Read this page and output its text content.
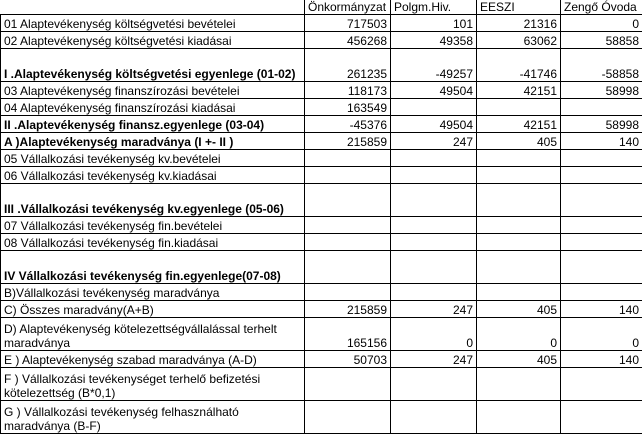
	Önkormányzat	Polgm.Hiv.	EESZI	Zengő Óvoda
01 Alaptevékenység költségvetési bevételei	717503	101	21316	0
02 Alaptevékenység költségvetési kiadásai	456268	49358	63062	58858
I .Alaptevékenység költségvetési egyenlege (01-02)	261235	-49257	-41746	-58858
03 Alaptevékenység finanszírozási bevételei	118173	49504	42151	58998
04 Alaptevékenység finanszírozási kiadásai	163549			
II .Alaptevékenység finansz.egyenlege (03-04)	-45376	49504	42151	58998
A )Alaptevékenység maradványa (I +- II )	215859	247	405	140
05 Vállalkozási tevékenység kv.bevételei				
06 Vállalkozási tevékenység kv.kiadásai				
III .Vállalkozási tevékenység kv.egyenlege (05-06)				
07 Vállalkozási tevékenység fin.bevételei				
08 Vállalkozási tevékenység fin.kiadásai				
IV Vállalkozási tevékenység fin.egyenlege(07-08)				
B)Vállalkozási tevékenység maradványa				
C) Összes maradvány(A+B)	215859	247	405	140
D) Alaptevékenység kötelezettségvállalással terhelt maradványa	165156	0	0	0
E ) Alaptevékenység szabad maradványa (A-D)	50703	247	405	140
F ) Vállalkozási tevékenységet terhelő befizetési kötelezettség (B*0,1)				
G ) Vállalkozási tevékenység felhasználható maradványa (B-F)				
